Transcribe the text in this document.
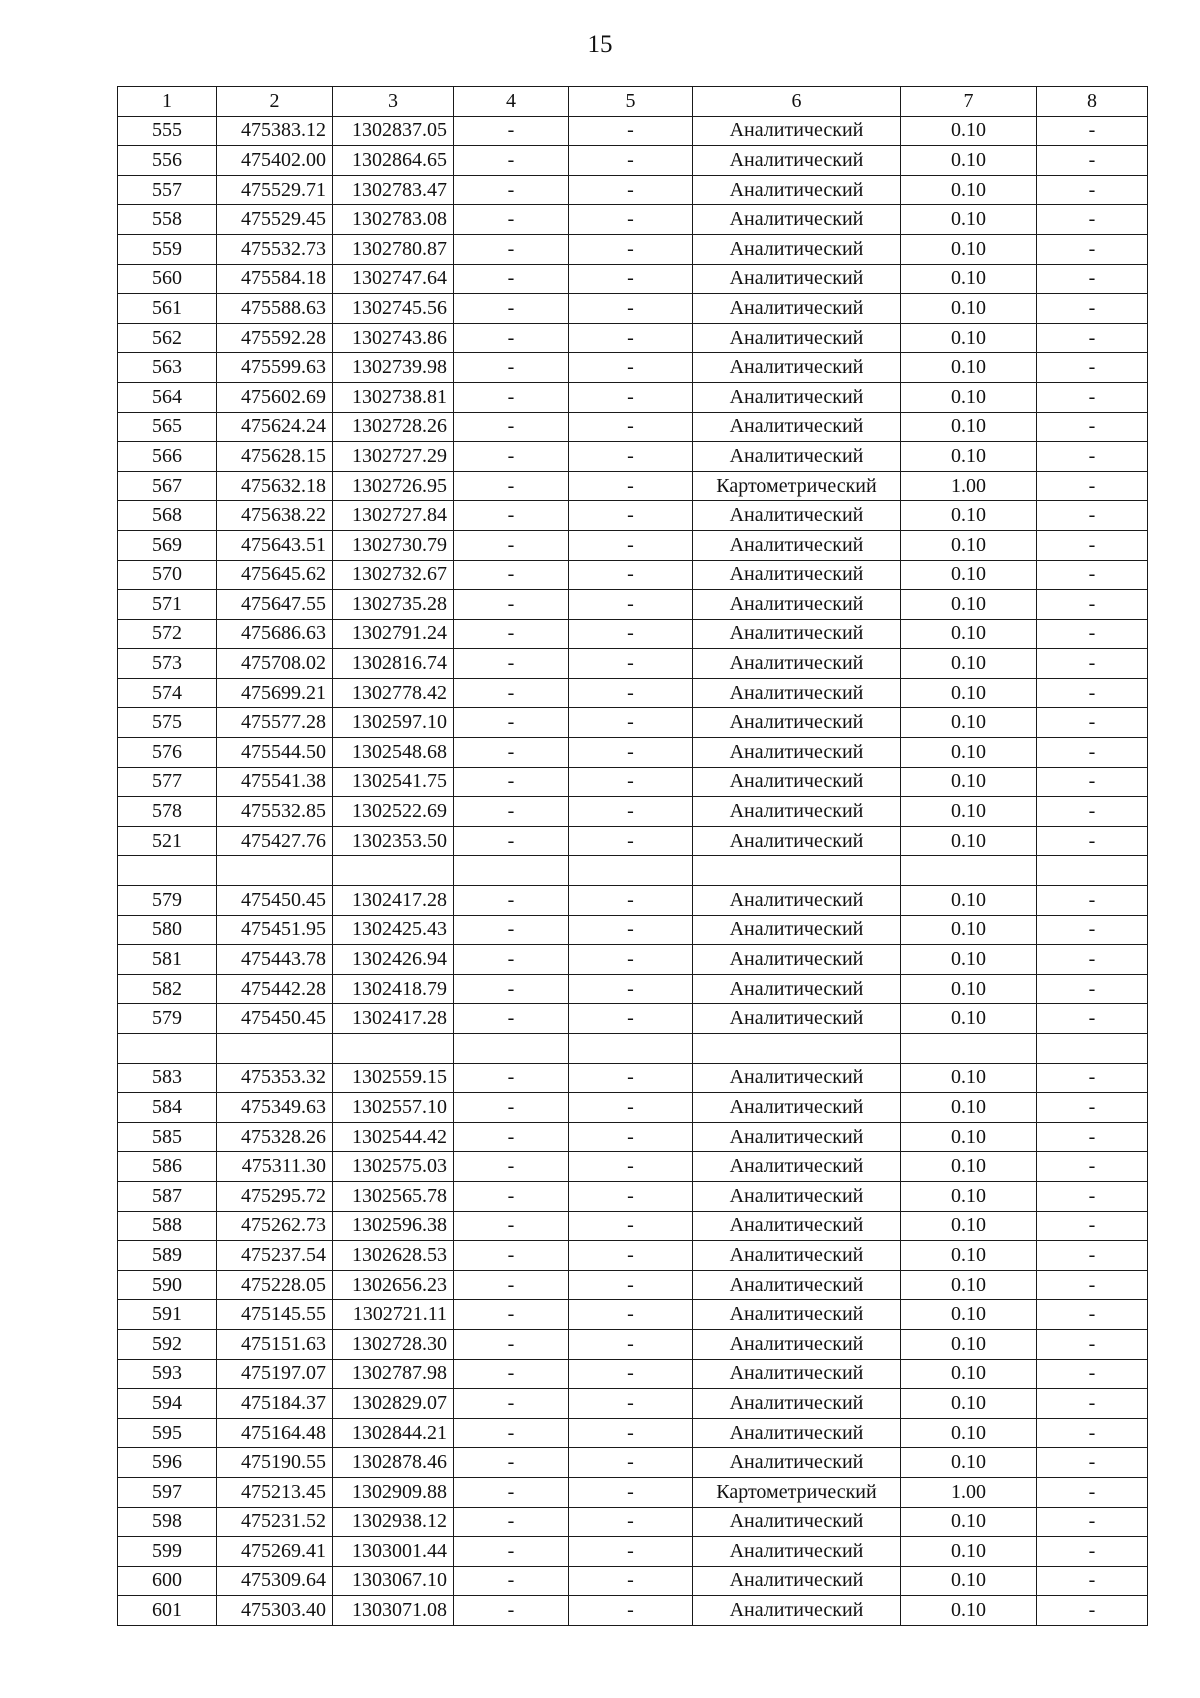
15
1	2	3	4	5	6	7	8
555	475383.12	1302837.05	-	-	Аналитический	0.10	-
556	475402.00	1302864.65	-	-	Аналитический	0.10	-
557	475529.71	1302783.47	-	-	Аналитический	0.10	-
558	475529.45	1302783.08	-	-	Аналитический	0.10	-
559	475532.73	1302780.87	-	-	Аналитический	0.10	-
560	475584.18	1302747.64	-	-	Аналитический	0.10	-
561	475588.63	1302745.56	-	-	Аналитический	0.10	-
562	475592.28	1302743.86	-	-	Аналитический	0.10	-
563	475599.63	1302739.98	-	-	Аналитический	0.10	-
564	475602.69	1302738.81	-	-	Аналитический	0.10	-
565	475624.24	1302728.26	-	-	Аналитический	0.10	-
566	475628.15	1302727.29	-	-	Аналитический	0.10	-
567	475632.18	1302726.95	-	-	Картометрический	1.00	-
568	475638.22	1302727.84	-	-	Аналитический	0.10	-
569	475643.51	1302730.79	-	-	Аналитический	0.10	-
570	475645.62	1302732.67	-	-	Аналитический	0.10	-
571	475647.55	1302735.28	-	-	Аналитический	0.10	-
572	475686.63	1302791.24	-	-	Аналитический	0.10	-
573	475708.02	1302816.74	-	-	Аналитический	0.10	-
574	475699.21	1302778.42	-	-	Аналитический	0.10	-
575	475577.28	1302597.10	-	-	Аналитический	0.10	-
576	475544.50	1302548.68	-	-	Аналитический	0.10	-
577	475541.38	1302541.75	-	-	Аналитический	0.10	-
578	475532.85	1302522.69	-	-	Аналитический	0.10	-
521	475427.76	1302353.50	-	-	Аналитический	0.10	-

579	475450.45	1302417.28	-	-	Аналитический	0.10	-
580	475451.95	1302425.43	-	-	Аналитический	0.10	-
581	475443.78	1302426.94	-	-	Аналитический	0.10	-
582	475442.28	1302418.79	-	-	Аналитический	0.10	-
579	475450.45	1302417.28	-	-	Аналитический	0.10	-

583	475353.32	1302559.15	-	-	Аналитический	0.10	-
584	475349.63	1302557.10	-	-	Аналитический	0.10	-
585	475328.26	1302544.42	-	-	Аналитический	0.10	-
586	475311.30	1302575.03	-	-	Аналитический	0.10	-
587	475295.72	1302565.78	-	-	Аналитический	0.10	-
588	475262.73	1302596.38	-	-	Аналитический	0.10	-
589	475237.54	1302628.53	-	-	Аналитический	0.10	-
590	475228.05	1302656.23	-	-	Аналитический	0.10	-
591	475145.55	1302721.11	-	-	Аналитический	0.10	-
592	475151.63	1302728.30	-	-	Аналитический	0.10	-
593	475197.07	1302787.98	-	-	Аналитический	0.10	-
594	475184.37	1302829.07	-	-	Аналитический	0.10	-
595	475164.48	1302844.21	-	-	Аналитический	0.10	-
596	475190.55	1302878.46	-	-	Аналитический	0.10	-
597	475213.45	1302909.88	-	-	Картометрический	1.00	-
598	475231.52	1302938.12	-	-	Аналитический	0.10	-
599	475269.41	1303001.44	-	-	Аналитический	0.10	-
600	475309.64	1303067.10	-	-	Аналитический	0.10	-
601	475303.40	1303071.08	-	-	Аналитический	0.10	-
